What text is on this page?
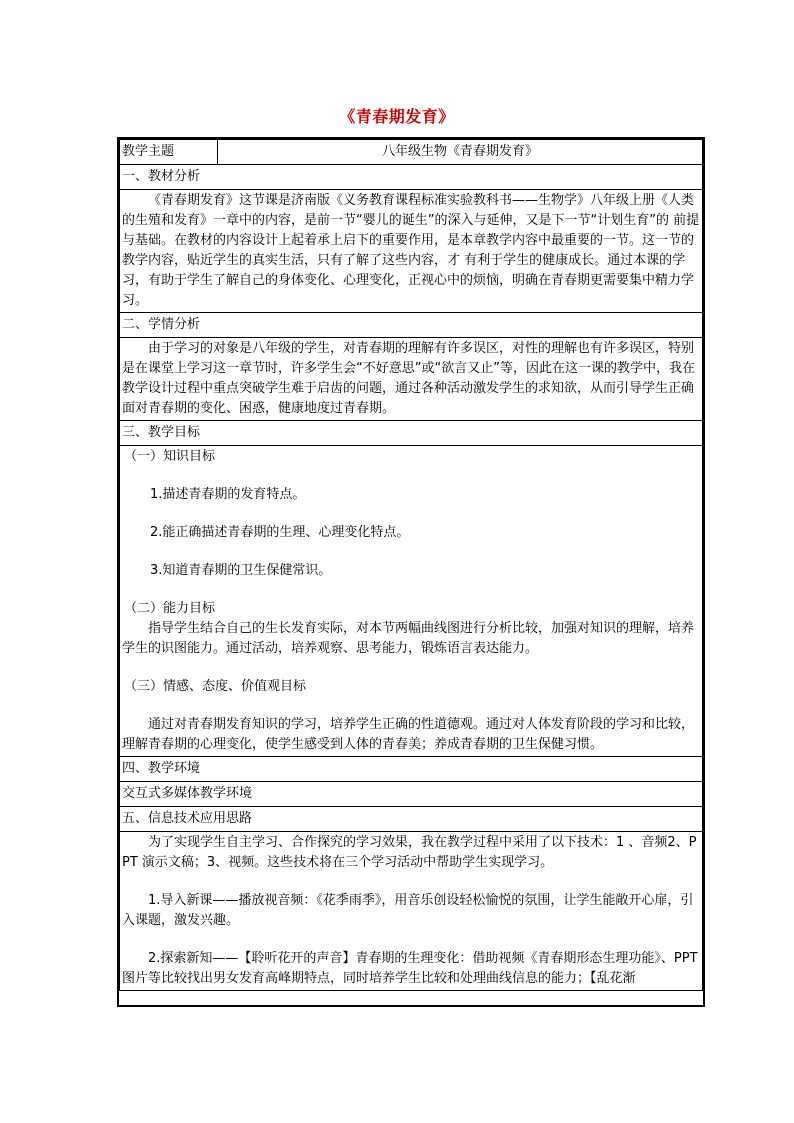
《青春期发育》
教学主题	八年级生物《青春期发育》
一、教材分析

《青春期发育》这节课是济南版《义务教育课程标准实验教科书——生物学》八年级上册《人类的生殖和发育》一章中的内容，是前一节“婴儿的诞生”的深入与延伸，又是下一节“计划生育”的 前提与基础。在教材的内容设计上起着承上启下的重要作用，是本章教学内容中最重要的一节。这一节的教学内容，贴近学生的真实生活，只有了解了这些内容，才 有利于学生的健康成长。通过本课的学习，有助于学生了解自己的身体变化、心理变化，正视心中的烦恼，明确在青春期更需要集中精力学习。

二、学情分析

由于学习的对象是八年级的学生，对青春期的理解有许多误区，对性的理解也有许多误区，特别是在课堂上学习这一章节时，许多学生会“不好意思”或“欲言又止”等，因此在这一课的教学中，我在教学设计过程中重点突破学生难于启齿的问题，通过各种活动激发学生的求知欲，从而引导学生正确面对青春期的变化、困惑，健康地度过青春期。

三、教学目标

（一）知识目标

1.描述青春期的发育特点。

2.能正确描述青春期的生理、心理变化特点。

3.知道青春期的卫生保健常识。

（二）能力目标

指导学生结合自己的生长发育实际，对本节两幅曲线图进行分析比较，加强对知识的理解，培养学生的识图能力。通过活动，培养观察、思考能力，锻炼语言表达能力。

（三）情感、态度、价值观目标

通过对青春期发育知识的学习，培养学生正确的性道德观。通过对人体发育阶段的学习和比较，理解青春期的心理变化，使学生感受到人体的青春美；养成青春期的卫生保健习惯。

四、教学环境
交互式多媒体教学环境
五、信息技术应用思路

为了实现学生自主学习、合作探究的学习效果，我在教学过程中采用了以下技术：1 、音频2、PPT 演示文稿；3、视频。这些技术将在三个学习活动中帮助学生实现学习。

1.导入新课——播放视音频：《花季雨季》，用音乐创设轻松愉悦的氛围，让学生能敞开心扉，引入课题，激发兴趣。

2.探索新知——【聆听花开的声音】青春期的生理变化：借助视频《青春期形态生理功能》、PPT 图片等比较找出男女发育高峰期特点，同时培养学生比较和处理曲线信息的能力；【乱花渐
